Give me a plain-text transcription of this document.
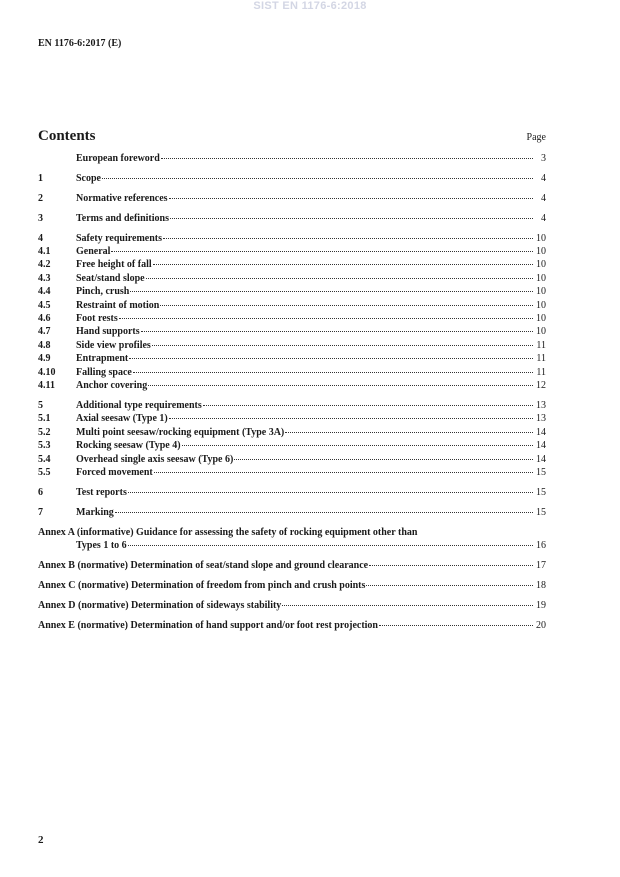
SIST EN 1176-6:2018
EN 1176-6:2017 (E)
Contents	Page
European foreword	3
1	Scope	4
2	Normative references	4
3	Terms and definitions	4
4	Safety requirements	10
4.1	General	10
4.2	Free height of fall	10
4.3	Seat/stand slope	10
4.4	Pinch, crush	10
4.5	Restraint of motion	10
4.6	Foot rests	10
4.7	Hand supports	10
4.8	Side view profiles	11
4.9	Entrapment	11
4.10	Falling space	11
4.11	Anchor covering	12
5	Additional type requirements	13
5.1	Axial seesaw (Type 1)	13
5.2	Multi point seesaw/rocking equipment (Type 3A)	14
5.3	Rocking seesaw (Type 4)	14
5.4	Overhead single axis seesaw (Type 6)	14
5.5	Forced movement	15
6	Test reports	15
7	Marking	15
Annex A (informative) Guidance for assessing the safety of rocking equipment other than
Types 1 to 6	16
Annex B (normative) Determination of seat/stand slope and ground clearance	17
Annex C (normative) Determination of freedom from pinch and crush points	18
Annex D (normative) Determination of sideways stability	19
Annex E (normative) Determination of hand support and/or foot rest projection	20
2
